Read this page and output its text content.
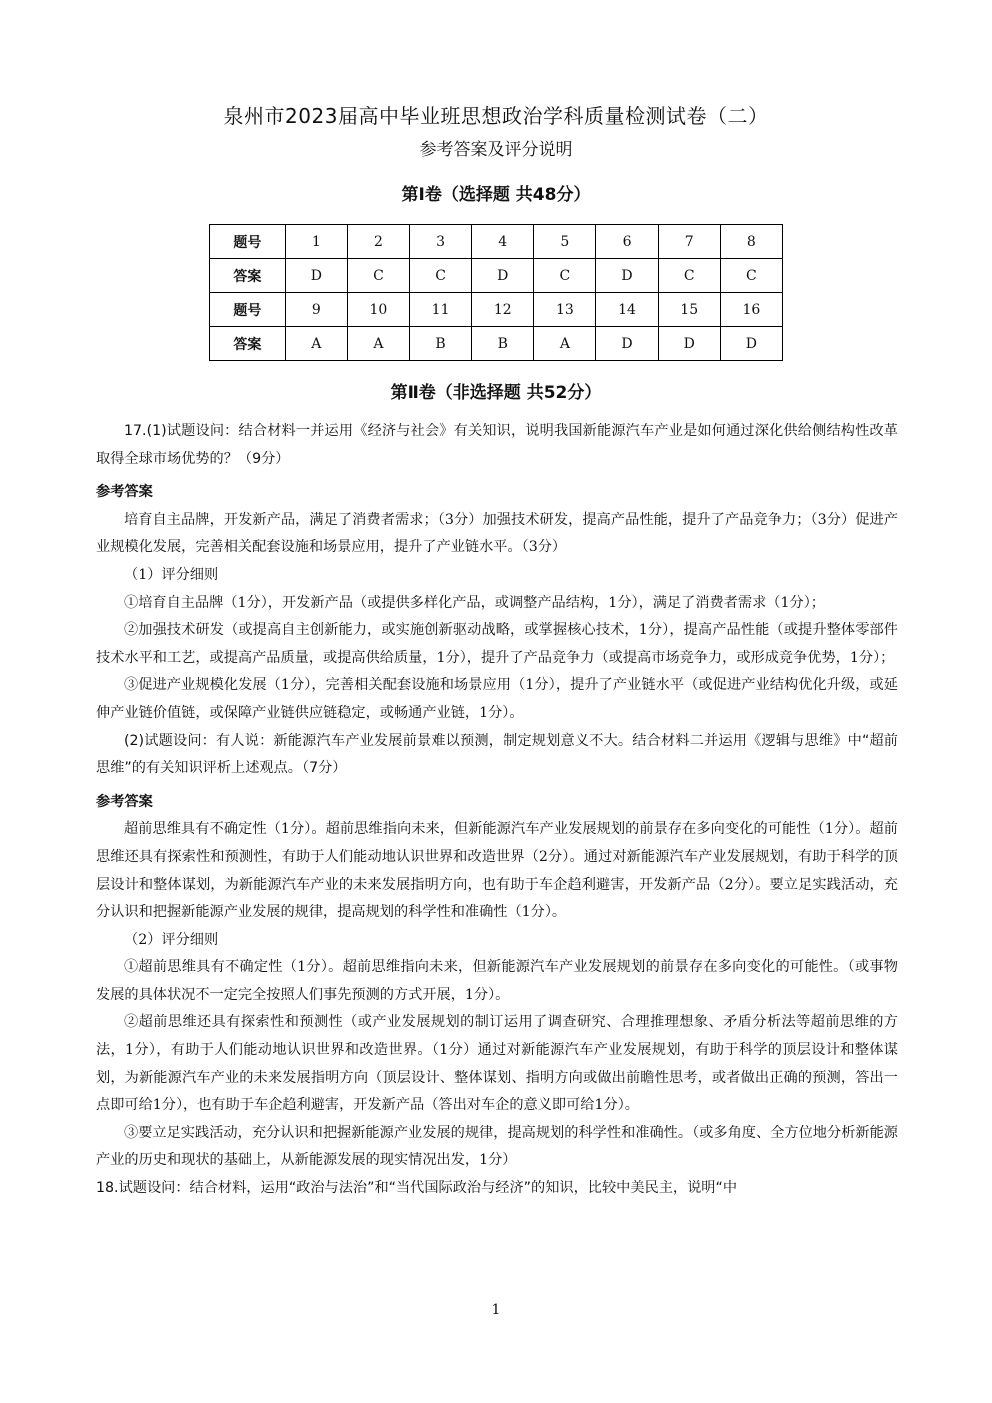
泉州市2023届高中毕业班思想政治学科质量检测试卷（二）
参考答案及评分说明
第Ⅰ卷（选择题 共48分）
题号	1	2	3	4	5	6	7	8
答案	D	C	C	D	C	D	C	C
题号	9	10	11	12	13	14	15	16
答案	A	A	B	B	A	D	D	D
第Ⅱ卷（非选择题 共52分）

17.(1)试题设问：结合材料一并运用《经济与社会》有关知识，说明我国新能源汽车产业是如何通过深化供给侧结构性改革取得全球市场优势的？（9分）

参考答案

培育自主品牌，开发新产品，满足了消费者需求；（3分）加强技术研发，提高产品性能，提升了产品竞争力；（3分）促进产业规模化发展，完善相关配套设施和场景应用，提升了产业链水平。（3分）

（1）评分细则

①培育自主品牌（1分），开发新产品（或提供多样化产品，或调整产品结构，1分），满足了消费者需求（1分）；

②加强技术研发（或提高自主创新能力，或实施创新驱动战略，或掌握核心技术，1分），提高产品性能（或提升整体零部件技术水平和工艺，或提高产品质量，或提高供给质量，1分），提升了产品竞争力（或提高市场竞争力，或形成竞争优势，1分）；

③促进产业规模化发展（1分），完善相关配套设施和场景应用（1分），提升了产业链水平（或促进产业结构优化升级，或延伸产业链价值链，或保障产业链供应链稳定，或畅通产业链，1分）。

(2)试题设问：有人说：新能源汽车产业发展前景难以预测，制定规划意义不大。结合材料二并运用《逻辑与思维》中“超前思维”的有关知识评析上述观点。（7分）

参考答案

超前思维具有不确定性（1分）。超前思维指向未来，但新能源汽车产业发展规划的前景存在多向变化的可能性（1分）。超前思维还具有探索性和预测性，有助于人们能动地认识世界和改造世界（2分）。通过对新能源汽车产业发展规划，有助于科学的顶层设计和整体谋划，为新能源汽车产业的未来发展指明方向，也有助于车企趋利避害，开发新产品（2分）。要立足实践活动，充分认识和把握新能源产业发展的规律，提高规划的科学性和准确性（1分）。

（2）评分细则

①超前思维具有不确定性（1分）。超前思维指向未来，但新能源汽车产业发展规划的前景存在多向变化的可能性。（或事物发展的具体状况不一定完全按照人们事先预测的方式开展，1分）。

②超前思维还具有探索性和预测性（或产业发展规划的制订运用了调查研究、合理推理想象、矛盾分析法等超前思维的方法，1分），有助于人们能动地认识世界和改造世界。（1分）通过对新能源汽车产业发展规划，有助于科学的顶层设计和整体谋划，为新能源汽车产业的未来发展指明方向（顶层设计、整体谋划、指明方向或做出前瞻性思考，或者做出正确的预测，答出一点即可给1分），也有助于车企趋利避害，开发新产品（答出对车企的意义即可给1分）。

③要立足实践活动，充分认识和把握新能源产业发展的规律，提高规划的科学性和准确性。（或多角度、全方位地分析新能源产业的历史和现状的基础上，从新能源发展的现实情况出发，1分）

18.试题设问：结合材料，运用“政治与法治”和“当代国际政治与经济”的知识，比较中美民主，说明“中

1
